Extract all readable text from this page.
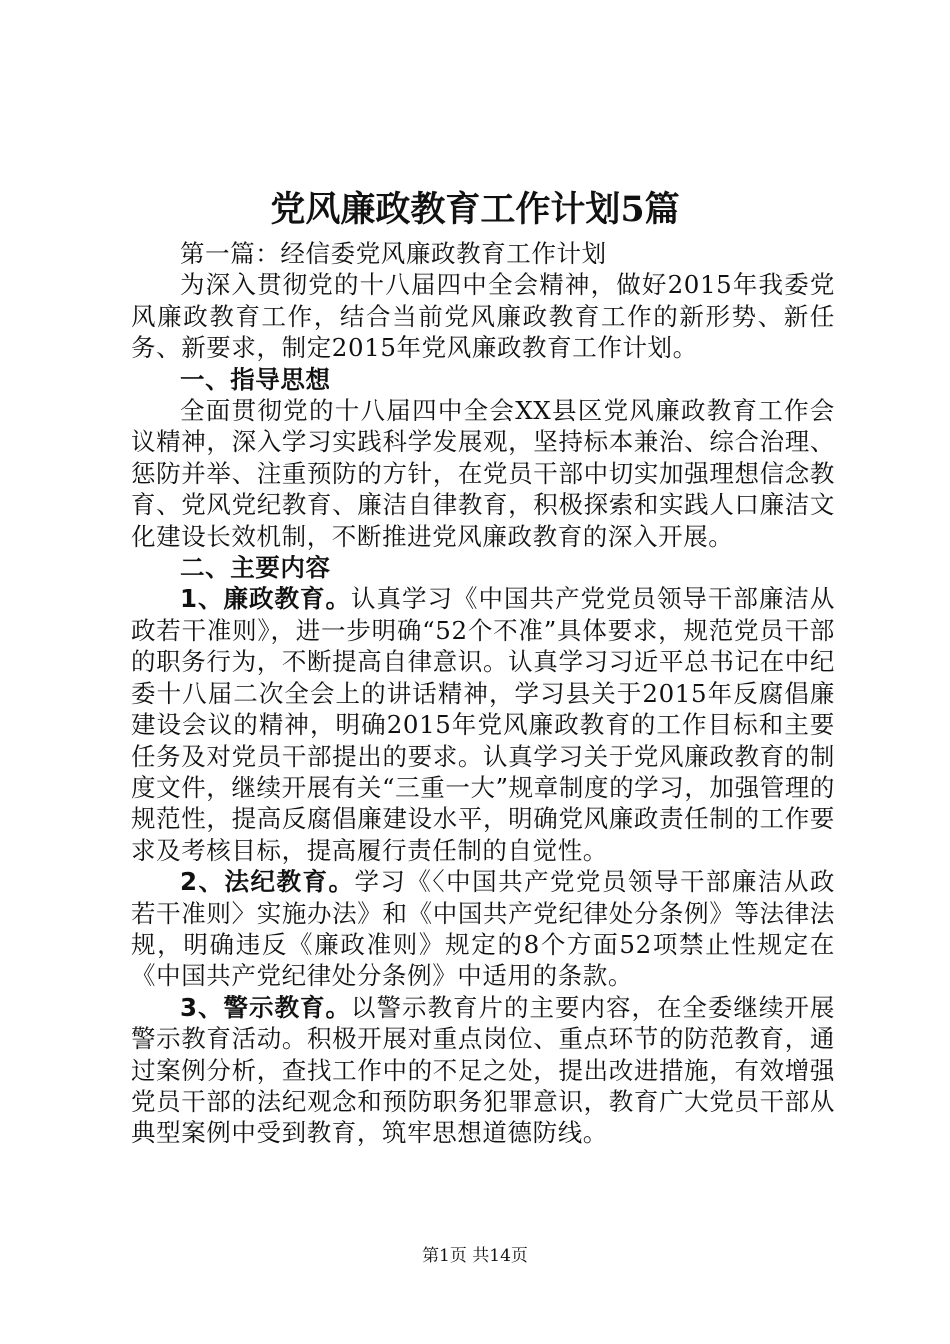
党风廉政教育工作计划5篇

第一篇：经信委党风廉政教育工作计划

为深入贯彻党的十八届四中全会精神，做好2015年我委党风廉政教育工作，结合当前党风廉政教育工作的新形势、新任务、新要求，制定2015年党风廉政教育工作计划。

一、指导思想

全面贯彻党的十八届四中全会XX县区党风廉政教育工作会议精神，深入学习实践科学发展观，坚持标本兼治、综合治理、惩防并举、注重预防的方针，在党员干部中切实加强理想信念教育、党风党纪教育、廉洁自律教育，积极探索和实践人口廉洁文化建设长效机制，不断推进党风廉政教育的深入开展。

二、主要内容

1、廉政教育。认真学习《中国共产党党员领导干部廉洁从政若干准则》，进一步明确“52个不准”具体要求，规范党员干部的职务行为，不断提高自律意识。认真学习习近平总书记在中纪委十八届二次全会上的讲话精神，学习县关于2015年反腐倡廉建设会议的精神，明确2015年党风廉政教育的工作目标和主要任务及对党员干部提出的要求。认真学习关于党风廉政教育的制度文件，继续开展有关“三重一大”规章制度的学习，加强管理的规范性，提高反腐倡廉建设水平，明确党风廉政责任制的工作要求及考核目标，提高履行责任制的自觉性。

2、法纪教育。学习《〈中国共产党党员领导干部廉洁从政若干准则〉实施办法》和《中国共产党纪律处分条例》等法律法规，明确违反《廉政准则》规定的8个方面52项禁止性规定在《中国共产党纪律处分条例》中适用的条款。

3、警示教育。以警示教育片的主要内容，在全委继续开展警示教育活动。积极开展对重点岗位、重点环节的防范教育，通过案例分析，查找工作中的不足之处，提出改进措施，有效增强党员干部的法纪观念和预防职务犯罪意识，教育广大党员干部从典型案例中受到教育，筑牢思想道德防线。

第1页 共14页
